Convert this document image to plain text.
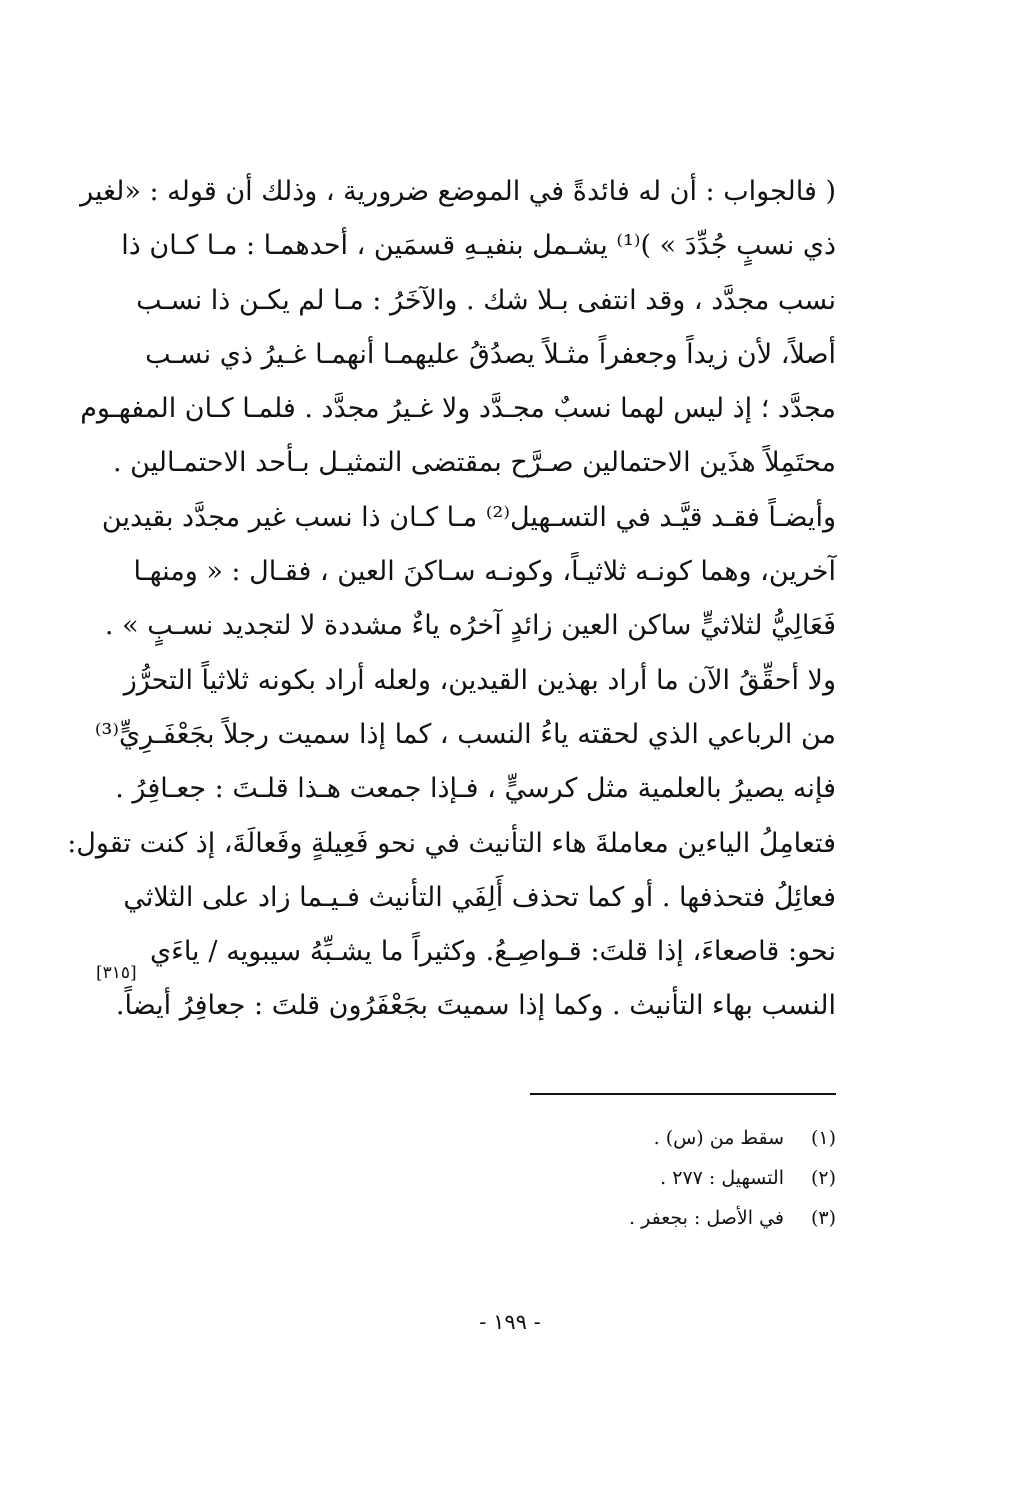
( فالجواب : أن له فائدةً في الموضع ضرورية ، وذلك أن قوله : «لغير
ذي نسبٍ جُدِّدَ » )⁽¹⁾ يشـمل بنفيـهِ قسمَين ، أحدهمـا : مـا كـان ذا
نسب مجدَّد ، وقد انتفى بـلا شك . والآخَرُ : مـا لم يكـن ذا نسـب
أصلاً، لأن زيداً وجعفراً مثـلاً يصدُقُ عليهمـا أنهمـا غـيرُ ذي نسـب
مجدَّد ؛ إذ ليس لهما نسبٌ مجـدَّد ولا غـيرُ مجدَّد . فلمـا كـان المفهـوم
محتَمِلاً هذَين الاحتمالين صـرَّح بمقتضى التمثيـل بـأحد الاحتمـالين .
وأيضـاً فقـد قيَّـد في التسـهيل⁽²⁾ مـا كـان ذا نسب غير مجدَّد بقيدين
آخرين، وهما كونـه ثلاثيـاً، وكونـه سـاكنَ العين ، فقـال : « ومنهـا
فَعَالِيُّ لثلاثيٍّ ساكن العين زائدٍ آخرُه ياءٌ مشددة لا لتجديد نسـبٍ » .
ولا أحقِّقُ الآن ما أراد بهذين القيدين، ولعله أراد بكونه ثلاثياً التحرُّز
من الرباعي الذي لحقته ياءُ النسب ، كما إذا سميت رجلاً بجَعْفَـرِيٍّ⁽³⁾
فإنه يصيرُ بالعلمية مثل كرسيٍّ ، فـإذا جمعت هـذا قلـتَ : جعـافِرُ .
فتعامِلُ الياءين معاملةَ هاء التأنيث في نحو فَعِيلةٍ وفَعالَةَ، إذ كنت تقول:
فعائِلُ فتحذفها . أو كما تحذف أَلِفَي التأنيث فـيـما زاد على الثلاثي
نحو: قاصعاءَ، إذا قلتَ: قـواصِـعُ. وكثيراً ما يشـبِّهُ سيبويه / ياءَي
النسب بهاء التأنيث . وكما إذا سميتَ بجَعْفَرُون قلتَ : جعافِرُ أيضاً.
[٣١٥]
(١)
سقط من (س) .
(٢)
التسهيل : ٢٧٧ .
(٣)
في الأصل : بجعفر .
- ١٩٩ -
